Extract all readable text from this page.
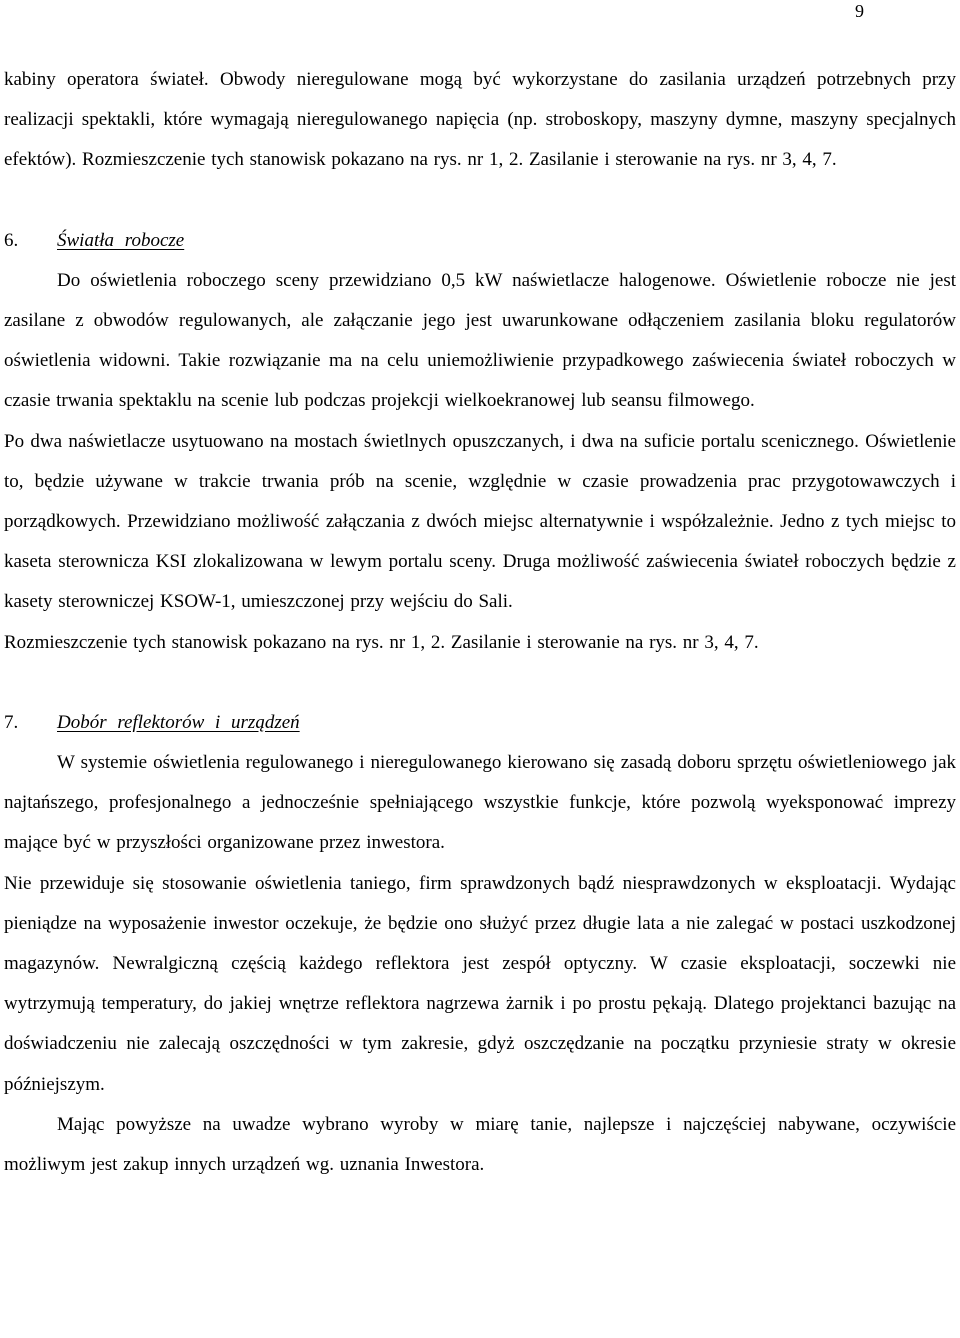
9

kabiny operatora świateł. Obwody nieregulowane mogą być wykorzystane do zasilania urządzeń potrzebnych przy realizacji spektakli, które wymagają nieregulowanego napięcia (np. stroboskopy, maszyny dymne, maszyny specjalnych efektów). Rozmieszczenie tych stanowisk pokazano na rys. nr 1, 2. Zasilanie i sterowanie na rys. nr 3, 4, 7.

6. Światła robocze

Do oświetlenia roboczego sceny przewidziano 0,5 kW naświetlacze halogenowe. Oświetlenie robocze nie jest zasilane z obwodów regulowanych, ale załączanie jego jest uwarunkowane odłączeniem zasilania bloku regulatorów oświetlenia widowni. Takie rozwiązanie ma na celu uniemożliwienie przypadkowego zaświecenia świateł roboczych w czasie trwania spektaklu na scenie lub podczas projekcji wielkoekranowej lub seansu filmowego.

Po dwa naświetlacze usytuowano na mostach świetlnych opuszczanych, i dwa na suficie portalu scenicznego. Oświetlenie to, będzie używane w trakcie trwania prób na scenie, względnie w czasie prowadzenia prac przygotowawczych i porządkowych. Przewidziano możliwość załączania z dwóch miejsc alternatywnie i współzależnie. Jedno z tych miejsc to kaseta sterownicza KSI zlokalizowana w lewym portalu sceny. Druga możliwość zaświecenia świateł roboczych będzie z kasety sterowniczej KSOW-1, umieszczonej przy wejściu do Sali.

Rozmieszczenie tych stanowisk pokazano na rys. nr 1, 2. Zasilanie i sterowanie na rys. nr 3, 4, 7.

7. Dobór reflektorów i urządzeń

W systemie oświetlenia regulowanego i nieregulowanego kierowano się zasadą doboru sprzętu oświetleniowego jak najtańszego, profesjonalnego a jednocześnie spełniającego wszystkie funkcje, które pozwolą wyeksponować imprezy mające być w przyszłości organizowane przez inwestora.

Nie przewiduje się stosowanie oświetlenia taniego, firm sprawdzonych bądź niesprawdzonych w eksploatacji. Wydając pieniądze na wyposażenie inwestor oczekuje, że będzie ono służyć przez długie lata a nie zalegać w postaci uszkodzonej magazynów. Newralgiczną częścią każdego reflektora jest zespół optyczny. W czasie eksploatacji, soczewki nie wytrzymują temperatury, do jakiej wnętrze reflektora nagrzewa żarnik i po prostu pękają. Dlatego projektanci bazując na doświadczeniu nie zalecają oszczędności w tym zakresie, gdyż oszczędzanie na początku przyniesie straty w okresie późniejszym.

Mając powyższe na uwadze wybrano wyroby w miarę tanie, najlepsze i najczęściej nabywane, oczywiście możliwym jest zakup innych urządzeń wg. uznania Inwestora.
